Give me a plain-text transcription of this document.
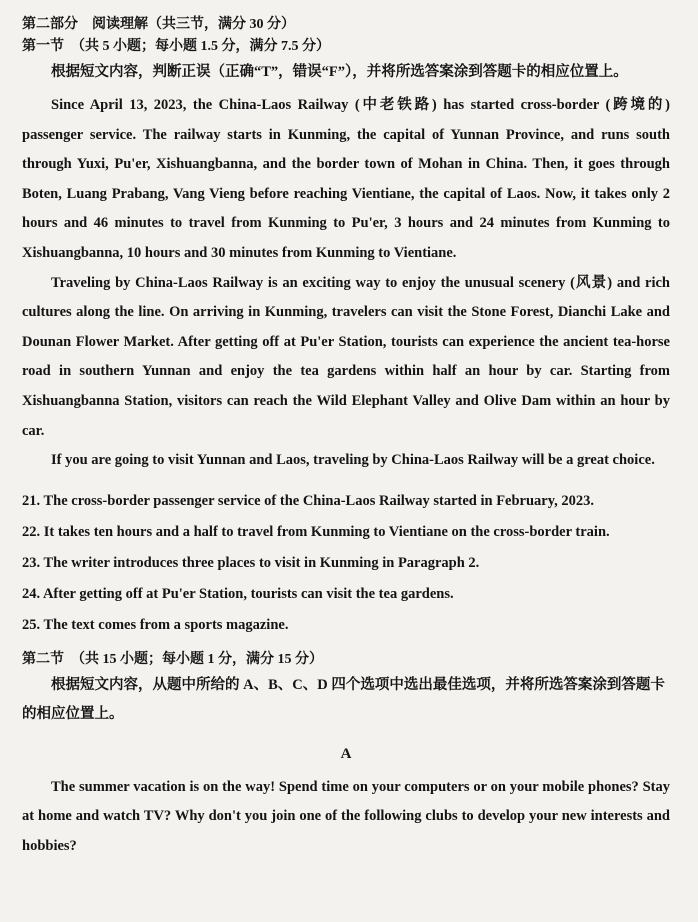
第二部分　阅读理解（共三节，满分 30 分）

第一节　（共 5 小题；每小题 1.5 分，满分 7.5 分）

根据短文内容，判断正误（正确“T”，错误“F”），并将所选答案涂到答题卡的相应位置上。

Since April 13, 2023, the China-Laos Railway (中老铁路) has started cross-border (跨境的) passenger service. The railway starts in Kunming, the capital of Yunnan Province, and runs south through Yuxi, Pu'er, Xishuangbanna, and the border town of Mohan in China. Then, it goes through Boten, Luang Prabang, Vang Vieng before reaching Vientiane, the capital of Laos. Now, it takes only 2 hours and 46 minutes to travel from Kunming to Pu'er, 3 hours and 24 minutes from Kunming to Xishuangbanna, 10 hours and 30 minutes from Kunming to Vientiane.

Traveling by China-Laos Railway is an exciting way to enjoy the unusual scenery (风景) and rich cultures along the line. On arriving in Kunming, travelers can visit the Stone Forest, Dianchi Lake and Dounan Flower Market. After getting off at Pu'er Station, tourists can experience the ancient tea-horse road in southern Yunnan and enjoy the tea gardens within half an hour by car. Starting from Xishuangbanna Station, visitors can reach the Wild Elephant Valley and Olive Dam within an hour by car.

If you are going to visit Yunnan and Laos, traveling by China-Laos Railway will be a great choice.

21. The cross-border passenger service of the China-Laos Railway started in February, 2023.

22. It takes ten hours and a half to travel from Kunming to Vientiane on the cross-border train.

23. The writer introduces three places to visit in Kunming in Paragraph 2.

24. After getting off at Pu'er Station, tourists can visit the tea gardens.

25. The text comes from a sports magazine.

第二节　（共 15 小题；每小题 1 分，满分 15 分）

根据短文内容，从题中所给的 A、B、C、D 四个选项中选出最佳选项，并将所选答案涂到答题卡的相应位置上。

A

The summer vacation is on the way! Spend time on your computers or on your mobile phones? Stay at home and watch TV? Why don't you join one of the following clubs to develop your new interests and hobbies?
